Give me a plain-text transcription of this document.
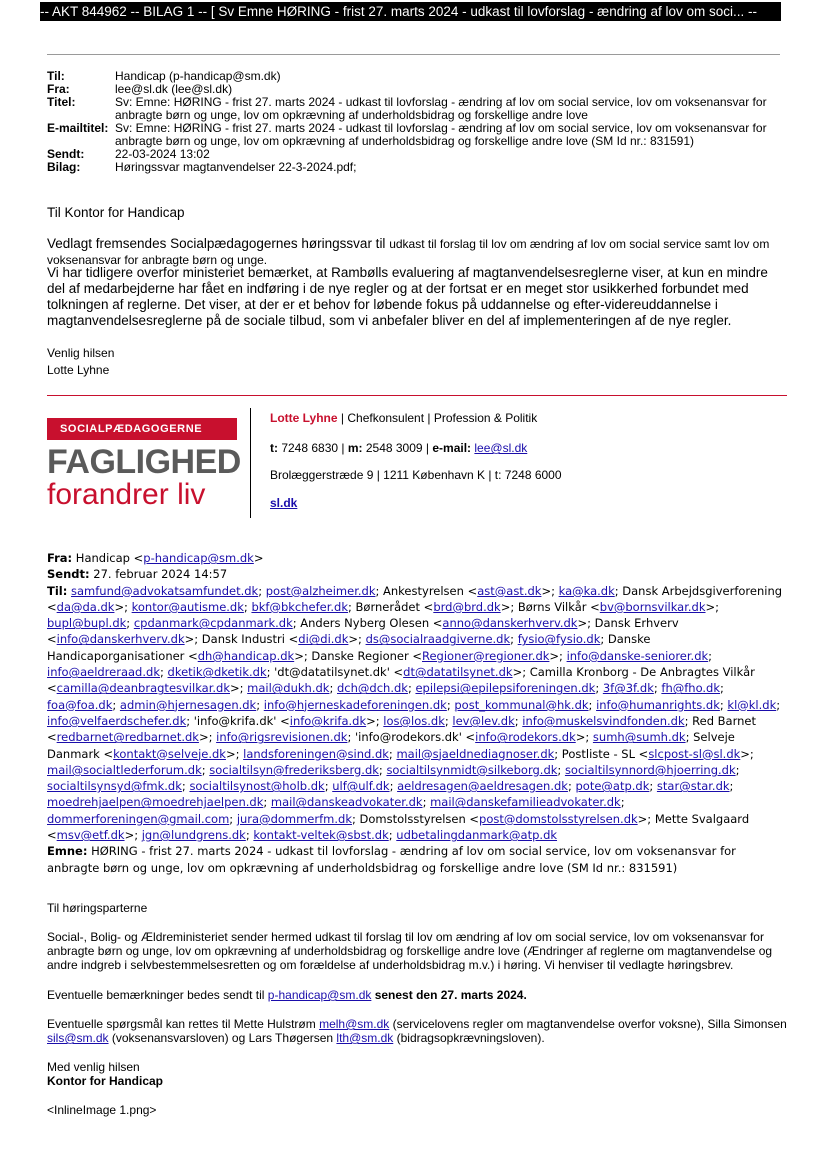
-- AKT 844962 -- BILAG 1 -- [ Sv Emne HØRING - frist 27. marts 2024 - udkast til lovforslag - ændring af lov om soci... --
Til:	Handicap (p-handicap@sm.dk)
Fra:	lee@sl.dk (lee@sl.dk)
Titel:	Sv: Emne: HØRING - frist 27. marts 2024 - udkast til lovforslag - ændring af lov om social service, lov om voksenansvar for anbragte børn og unge, lov om opkrævning af underholdsbidrag og forskellige andre love
E-mailtitel: Sv: Emne: HØRING - frist 27. marts 2024 - udkast til lovforslag - ændring af lov om social service, lov om voksenansvar for anbragte børn og unge, lov om opkrævning af underholdsbidrag og forskellige andre love (SM Id nr.: 831591)
Sendt:	22-03-2024 13:02
Bilag:	Høringssvar magtanvendelser 22-3-2024.pdf;
Til Kontor for Handicap
Vedlagt fremsendes Socialpædagogernes høringssvar til udkast til forslag til lov om ændring af lov om social service samt lov om voksenansvar for anbragte børn og unge.
Vi har tidligere overfor ministeriet bemærket, at Rambølls evaluering af magtanvendelsesreglerne viser, at kun en mindre del af medarbejderne har fået en indføring i de nye regler og at der fortsat er en meget stor usikkerhed forbundet med tolkningen af reglerne. Det viser, at der er et behov for løbende fokus på uddannelse og efter-videreuddannelse i magtanvendelsesreglerne på de sociale tilbud, som vi anbefaler bliver en del af implementeringen af de nye regler.
Venlig hilsen
Lotte Lyhne
SOCIALPÆDAGOGERNE
FAGLIGHED
forandrer liv
Lotte Lyhne | Chefkonsulent | Profession & Politik
t: 7248 6830 | m: 2548 3009 | e-mail: lee@sl.dk
Brolæggerstræde 9 | 1211 København K | t: 7248 6000
sl.dk
Fra: Handicap <p-handicap@sm.dk>
Sendt: 27. februar 2024 14:57
Til: samfund@advokatsamfundet.dk; post@alzheimer.dk; Ankestyrelsen <ast@ast.dk>; ka@ka.dk; Dansk Arbejdsgiverforening <da@da.dk>; kontor@autisme.dk; bkf@bkchefer.dk; Børnerådet <brd@brd.dk>; Børns Vilkår <bv@bornsvilkar.dk>; bupl@bupl.dk; cpdanmark@cpdanmark.dk; Anders Nyberg Olesen <anno@danskerhverv.dk>; Dansk Erhverv <info@danskerhverv.dk>; Dansk Industri <di@di.dk>; ds@socialraadgiverne.dk; fysio@fysio.dk; Danske Handicaporganisationer <dh@handicap.dk>; Danske Regioner <Regioner@regioner.dk>; info@danske-seniorer.dk; info@aeldreraad.dk; dketik@dketik.dk; 'dt@datatilsynet.dk' <dt@datatilsynet.dk>; Camilla Kronborg - De Anbragtes Vilkår <camilla@deanbragtesvilkar.dk>; mail@dukh.dk; dch@dch.dk; epilepsi@epilepsiforeningen.dk; 3f@3f.dk; fh@fho.dk; foa@foa.dk; admin@hjernesagen.dk; info@hjerneskadeforeningen.dk; post_kommunal@hk.dk; info@humanrights.dk; kl@kl.dk; info@velfaerdschefer.dk; 'info@krifa.dk' <info@krifa.dk>; los@los.dk; lev@lev.dk; info@muskelsvindfonden.dk; Red Barnet <redbarnet@redbarnet.dk>; info@rigsrevisionen.dk; 'info@rodekors.dk' <info@rodekors.dk>; sumh@sumh.dk; Selveje Danmark <kontakt@selveje.dk>; landsforeningen@sind.dk; mail@sjaeldnediagnoser.dk; Postliste - SL <slcpost-sl@sl.dk>; mail@socialtlederforum.dk; socialtilsyn@frederiksberg.dk; socialtilsynmidt@silkeborg.dk; socialtilsynnord@hjoerring.dk; socialtilsynsyd@fmk.dk; socialtilsynost@holb.dk; ulf@ulf.dk; aeldresagen@aeldresagen.dk; pote@atp.dk; star@star.dk; moedrehjaelpen@moedrehjaelpen.dk; mail@danskeadvokater.dk; mail@danskefamilieadvokater.dk; dommerforeningen@gmail.com; jura@dommerfm.dk; Domstolsstyrelsen <post@domstolsstyrelsen.dk>; Mette Svalgaard <msv@etf.dk>; jgn@lundgrens.dk; kontakt-veltek@sbst.dk; udbetalingdanmark@atp.dk
Emne: HØRING - frist 27. marts 2024 - udkast til lovforslag - ændring af lov om social service, lov om voksenansvar for anbragte børn og unge, lov om opkrævning af underholdsbidrag og forskellige andre love (SM Id nr.: 831591)
Til høringsparterne
Social-, Bolig- og Ældreministeriet sender hermed udkast til forslag til lov om ændring af lov om social service, lov om voksenansvar for anbragte børn og unge, lov om opkrævning af underholdsbidrag og forskellige andre love (Ændringer af reglerne om magtanvendelse og andre indgreb i selvbestemmelsesretten og om forældelse af underholdsbidrag m.v.) i høring. Vi henviser til vedlagte høringsbrev.
Eventuelle bemærkninger bedes sendt til p-handicap@sm.dk senest den 27. marts 2024.
Eventuelle spørgsmål kan rettes til Mette Hulstrøm melh@sm.dk (servicelovens regler om magtanvendelse overfor voksne), Silla Simonsen sils@sm.dk (voksenansvarsloven) og Lars Thøgersen lth@sm.dk (bidragsopkrævningsloven).
Med venlig hilsen
Kontor for Handicap
<InlineImage 1.png>
